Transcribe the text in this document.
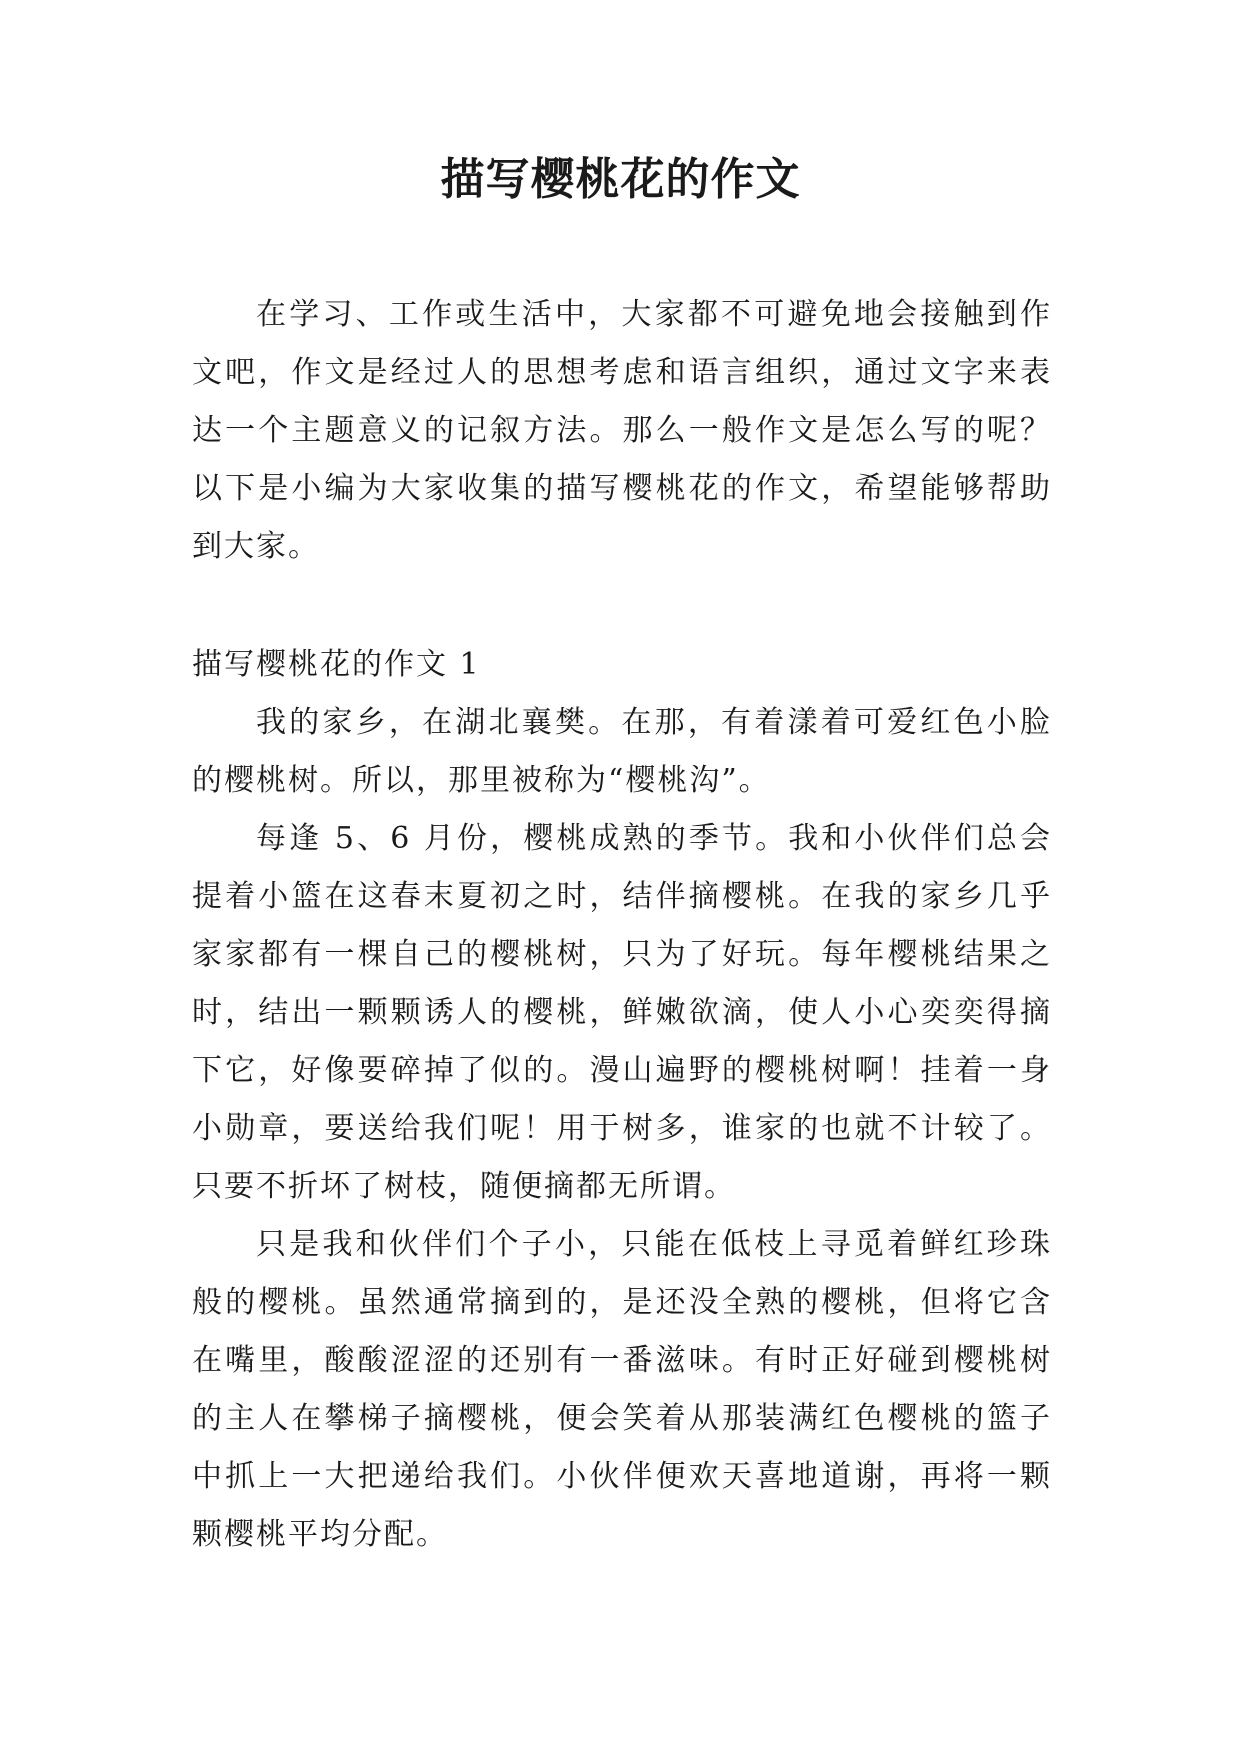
描写樱桃花的作文

在学习、工作或生活中，大家都不可避免地会接触到作文吧，作文是经过人的思想考虑和语言组织，通过文字来表达一个主题意义的记叙方法。那么一般作文是怎么写的呢？以下是小编为大家收集的描写樱桃花的作文，希望能够帮助到大家。

描写樱桃花的作文 1

我的家乡，在湖北襄樊。在那，有着漾着可爱红色小脸的樱桃树。所以，那里被称为“樱桃沟”。

每逢 5、6 月份，樱桃成熟的季节。我和小伙伴们总会提着小篮在这春末夏初之时，结伴摘樱桃。在我的家乡几乎家家都有一棵自己的樱桃树，只为了好玩。每年樱桃结果之时，结出一颗颗诱人的樱桃，鲜嫩欲滴，使人小心奕奕得摘下它，好像要碎掉了似的。漫山遍野的樱桃树啊！挂着一身小勋章，要送给我们呢！用于树多，谁家的也就不计较了。只要不折坏了树枝，随便摘都无所谓。

只是我和伙伴们个子小，只能在低枝上寻觅着鲜红珍珠般的樱桃。虽然通常摘到的，是还没全熟的樱桃，但将它含在嘴里，酸酸涩涩的还别有一番滋味。有时正好碰到樱桃树的主人在攀梯子摘樱桃，便会笑着从那装满红色樱桃的篮子中抓上一大把递给我们。小伙伴便欢天喜地道谢，再将一颗颗樱桃平均分配。
